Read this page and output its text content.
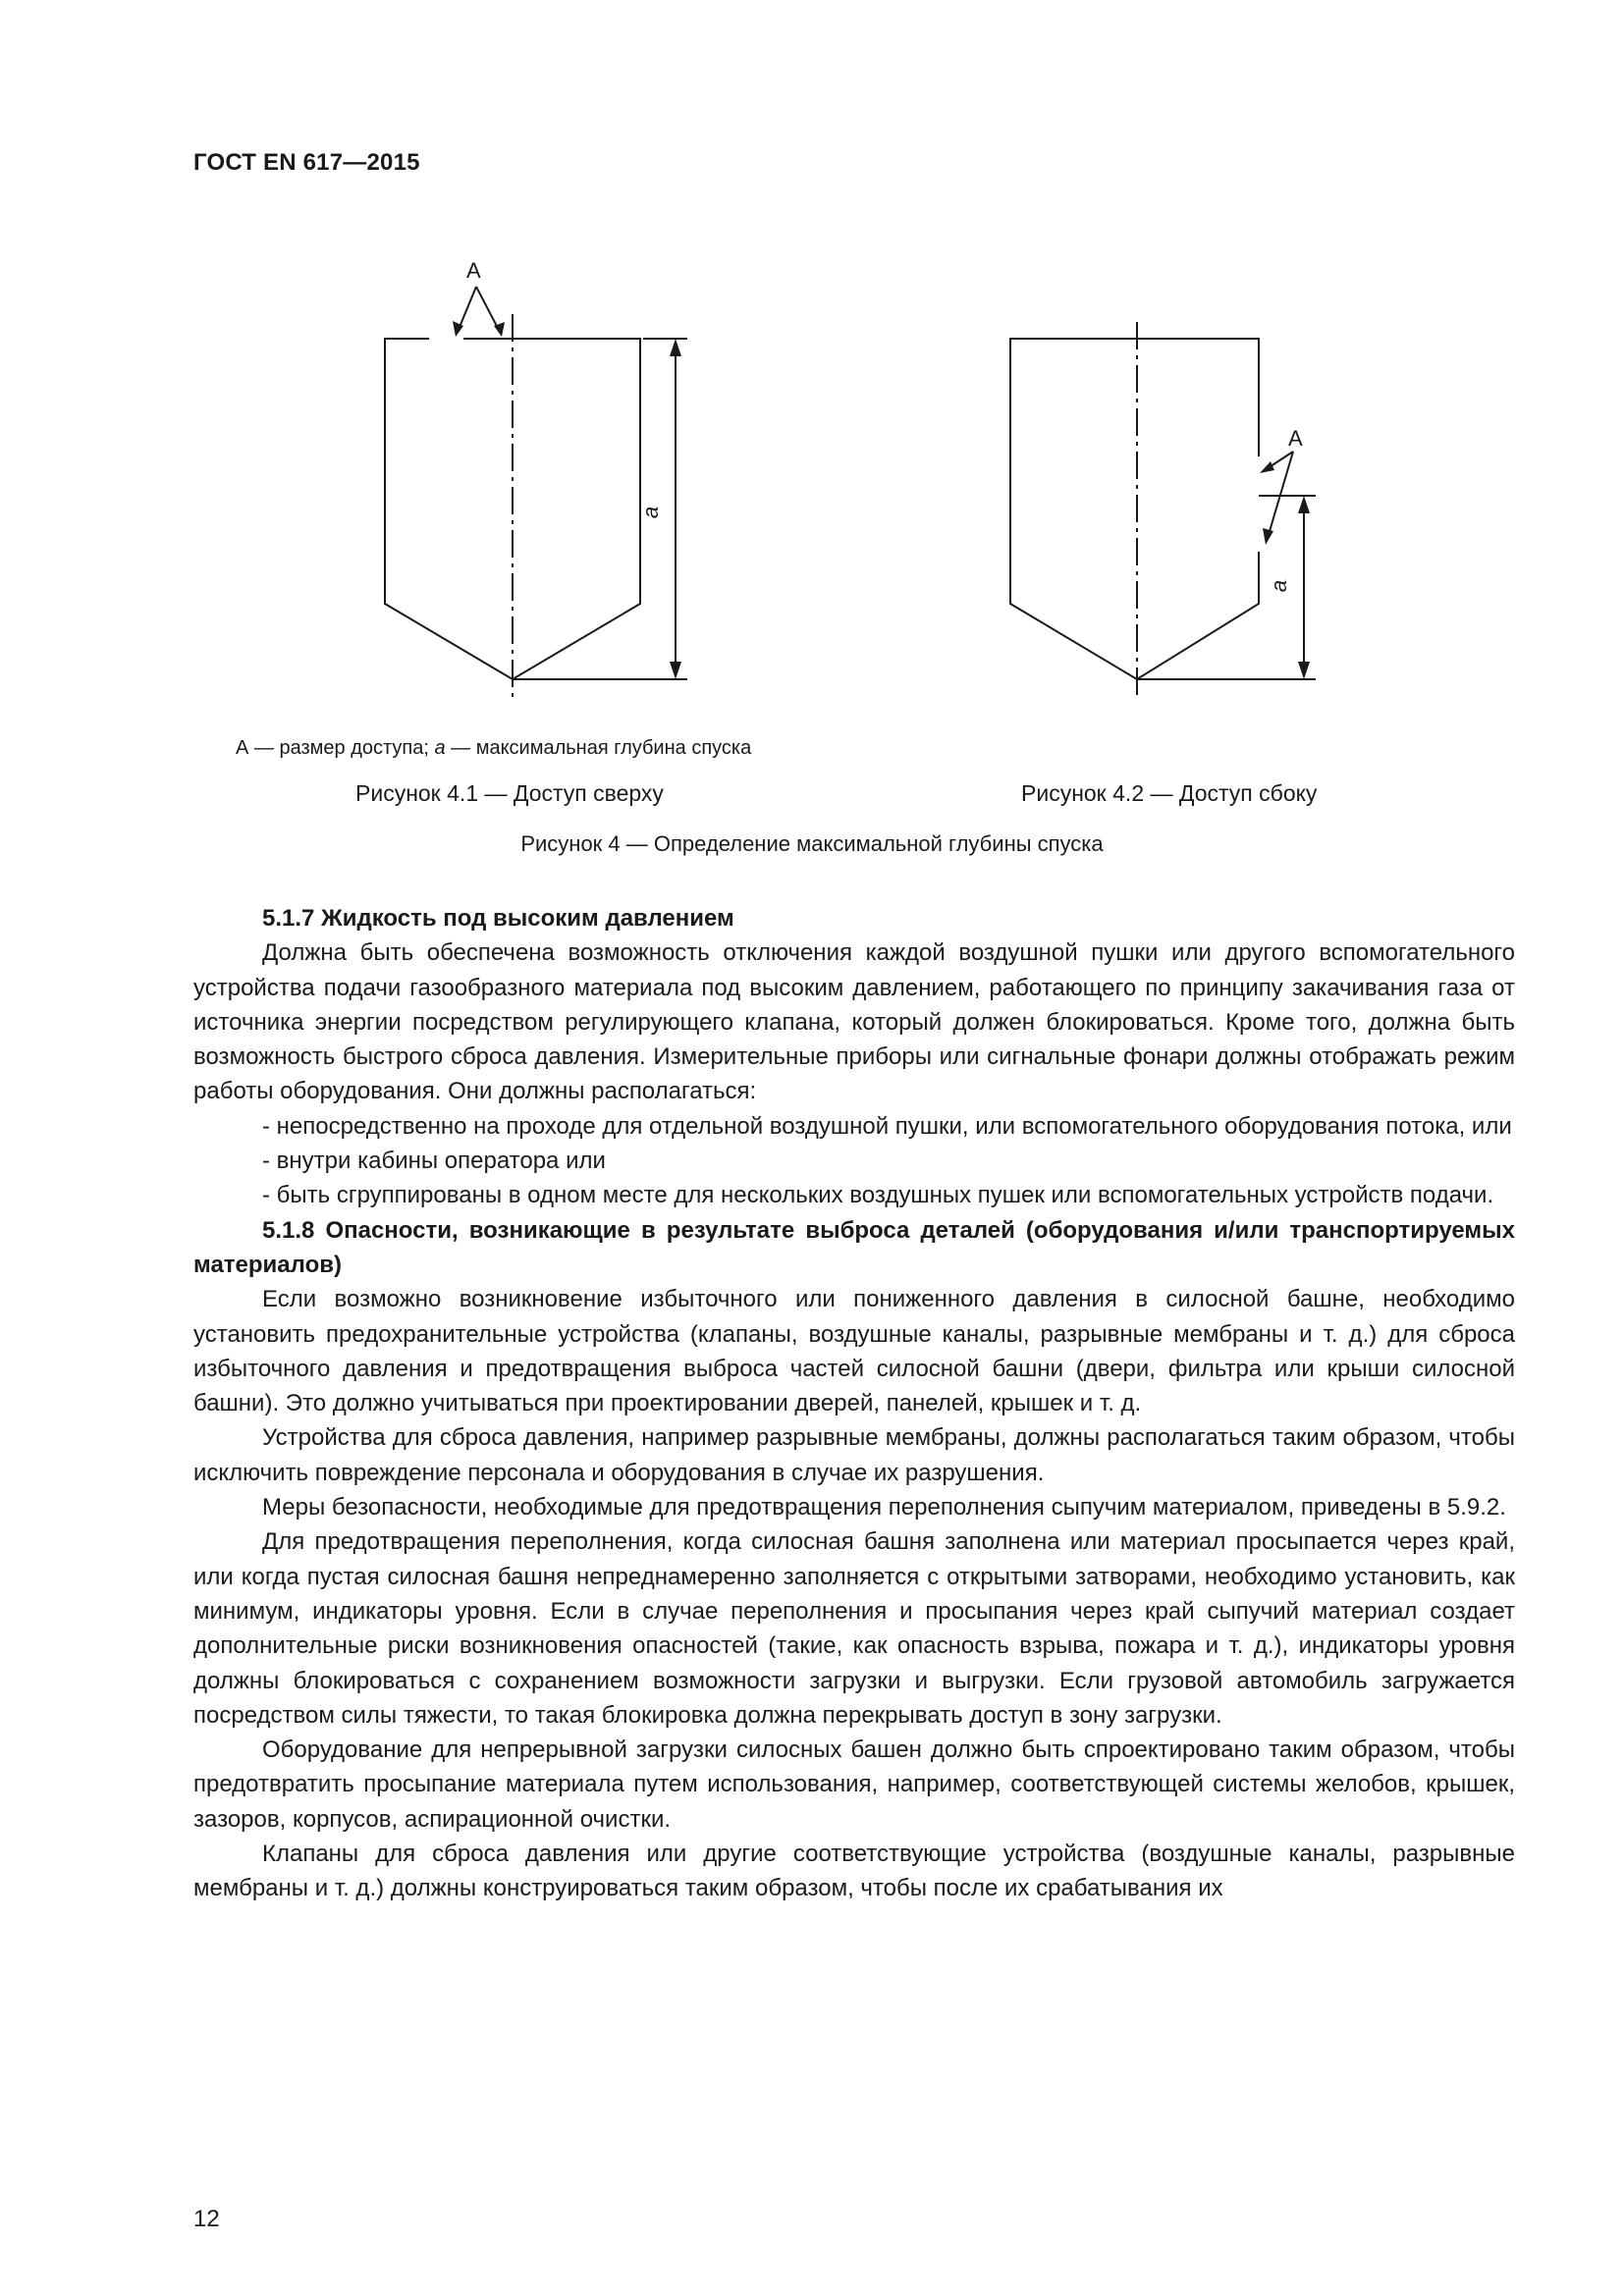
ГОСТ EN 617—2015
A
a
A
a
А — размер доступа; а — максимальная глубина спуска
Рисунок 4.1 — Доступ сверху	Рисунок 4.2 — Доступ сбоку
Рисунок 4 — Определение максимальной глубины спуска

5.1.7 Жидкость под высоким давлением

Должна быть обеспечена возможность отключения каждой воздушной пушки или другого вспомогательного устройства подачи газообразного материала под высоким давлением, работающего по принципу закачивания газа от источника энергии посредством регулирующего клапана, который должен блокироваться. Кроме того, должна быть возможность быстрого сброса давления. Измерительные приборы или сигнальные фонари должны отображать режим работы оборудования. Они должны располагаться:

- непосредственно на проходе для отдельной воздушной пушки, или вспомогательного оборудования потока, или

- внутри кабины оператора или

- быть сгруппированы в одном месте для нескольких воздушных пушек или вспомогательных устройств подачи.

5.1.8 Опасности, возникающие в результате выброса деталей (оборудования и/или транспортируемых материалов)

Если возможно возникновение избыточного или пониженного давления в силосной башне, необходимо установить предохранительные устройства (клапаны, воздушные каналы, разрывные мембраны и т. д.) для сброса избыточного давления и предотвращения выброса частей силосной башни (двери, фильтра или крыши силосной башни). Это должно учитываться при проектировании дверей, панелей, крышек и т. д.

Устройства для сброса давления, например разрывные мембраны, должны располагаться таким образом, чтобы исключить повреждение персонала и оборудования в случае их разрушения.

Меры безопасности, необходимые для предотвращения переполнения сыпучим материалом, приведены в 5.9.2.

Для предотвращения переполнения, когда силосная башня заполнена или материал просыпается через край, или когда пустая силосная башня непреднамеренно заполняется с открытыми затворами, необходимо установить, как минимум, индикаторы уровня. Если в случае переполнения и просыпания через край сыпучий материал создает дополнительные риски возникновения опасностей (такие, как опасность взрыва, пожара и т. д.), индикаторы уровня должны блокироваться с сохранением возможности загрузки и выгрузки. Если грузовой автомобиль загружается посредством силы тяжести, то такая блокировка должна перекрывать доступ в зону загрузки.

Оборудование для непрерывной загрузки силосных башен должно быть спроектировано таким образом, чтобы предотвратить просыпание материала путем использования, например, соответствующей системы желобов, крышек, зазоров, корпусов, аспирационной очистки.

Клапаны для сброса давления или другие соответствующие устройства (воздушные каналы, разрывные мембраны и т. д.) должны конструироваться таким образом, чтобы после их срабатывания их

12
